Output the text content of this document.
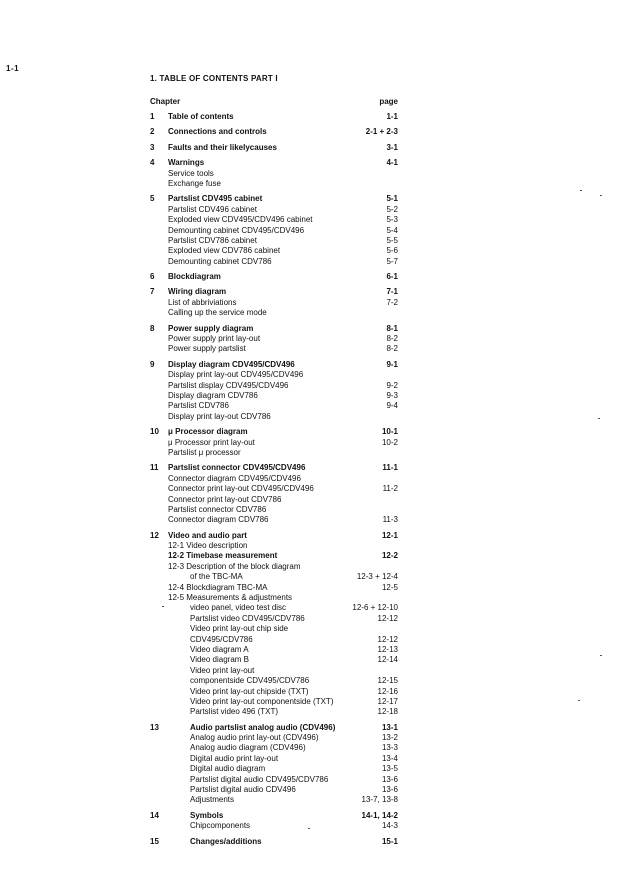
1-1
1. TABLE OF CONTENTS PART I
Chapter	page
1 Table of contents	1-1
2 Connections and controls	2-1 + 2-3
3 Faults and their likelycauses	3-1
4 Warnings	4-1
Service tools
Exchange fuse
5 Partslist CDV495 cabinet	5-1
Partslist CDV496 cabinet	5-2
Exploded view CDV495/CDV496 cabinet	5-3
Demounting cabinet CDV495/CDV496	5-4
Partslist CDV786 cabinet	5-5
Exploded view CDV786 cabinet	5-6
Demounting cabinet CDV786	5-7
6 Blockdiagram	6-1
7 Wiring diagram	7-1
List of abbriviations	7-2
Calling up the service mode
8 Power supply diagram	8-1
Power supply print lay-out	8-2
Power supply partslist	8-2
9 Display diagram CDV495/CDV496	9-1
Display print lay-out CDV495/CDV496
Partslist display CDV495/CDV496	9-2
Display diagram CDV786	9-3
Partslist CDV786	9-4
Display print lay-out CDV786
10 μ Processor diagram	10-1
μ Processor print lay-out	10-2
Partslist μ processor
11 Partslist connector CDV495/CDV496	11-1
Connector diagram CDV495/CDV496
Connector print lay-out CDV495/CDV496	11-2
Connector print lay-out CDV786
Partslist connector CDV786
Connector diagram CDV786	11-3
12 Video and audio part	12-1
12-1 Video description
12-2 Timebase measurement	12-2
12-3 Description of the block diagram
of the TBC-MA	12-3 + 12-4
12-4 Blockdiagram TBC-MA	12-5
12-5 Measurements & adjustments
video panel, video test disc	12-6 + 12-10
Partslist video CDV495/CDV786	12-12
Video print lay-out chip side
CDV495/CDV786	12-12
Video diagram A	12-13
Video diagram B	12-14
Video print lay-out
componentside CDV495/CDV786	12-15
Video print lay-out chipside (TXT)	12-16
Video print lay-out componentside (TXT)	12-17
Partslist video 496 (TXT)	12-18
13	Audio partslist analog audio (CDV496)	13-1
Analog audio print lay-out (CDV496)	13-2
Analog audio diagram (CDV496)	13-3
Digital audio print lay-out	13-4
Digital audio diagram	13-5
Partslist digital audio CDV495/CDV786	13-6
Partslist digital audio CDV496	13-6
Adjustments	13-7, 13-8
14	Symbols	14-1, 14-2
Chipcomponents	14-3
15	Changes/additions	15-1
